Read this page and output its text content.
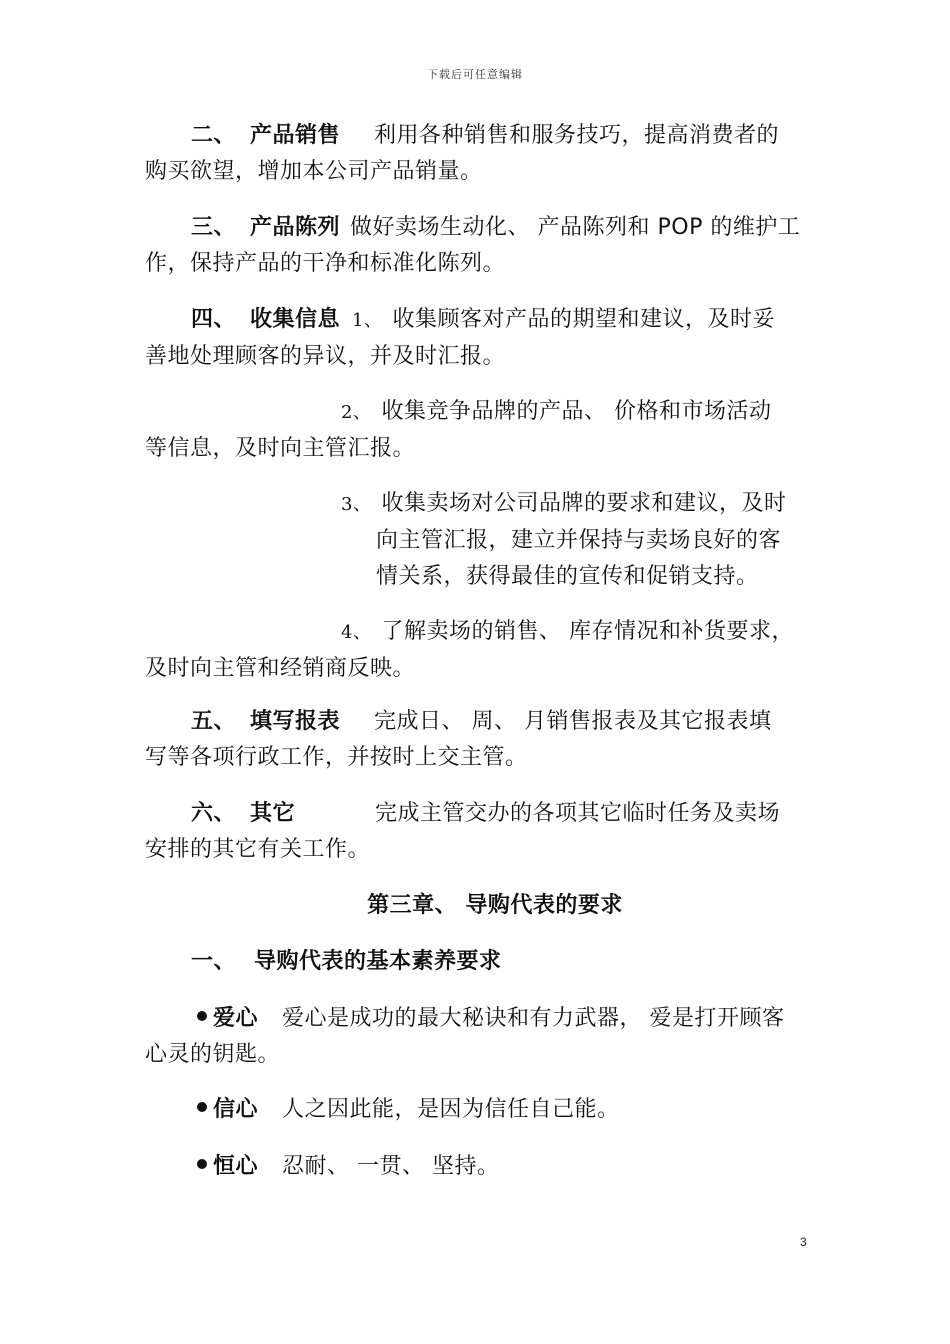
下载后可任意编辑
二、 产品销售 利用各种销售和服务技巧，提高消费者的
购买欲望，增加本公司产品销量。
三、 产品陈列 做好卖场生动化、 产品陈列和 POP 的维护工
作，保持产品的干净和标准化陈列。
四、 收集信息 1、 收集顾客对产品的期望和建议，及时妥
善地处理顾客的异议，并及时汇报。
2、 收集竞争品牌的产品、 价格和市场活动
等信息，及时向主管汇报。
3、 收集卖场对公司品牌的要求和建议，及时
向主管汇报，建立并保持与卖场良好的客
情关系，获得最佳的宣传和促销支持。
4、 了解卖场的销售、 库存情况和补货要求，
及时向主管和经销商反映。
五、 填写报表 完成日、 周、 月销售报表及其它报表填
写等各项行政工作，并按时上交主管。
六、 其它	完成主管交办的各项其它临时任务及卖场
安排的其它有关工作。
第三章、 导购代表的要求
一、 导购代表的基本素养要求
爱心 爱心是成功的最大秘诀和有力武器， 爱是打开顾客
心灵的钥匙。
信心 人之因此能，是因为信任自己能。
恒心 忍耐、 一贯、 坚持。
3
